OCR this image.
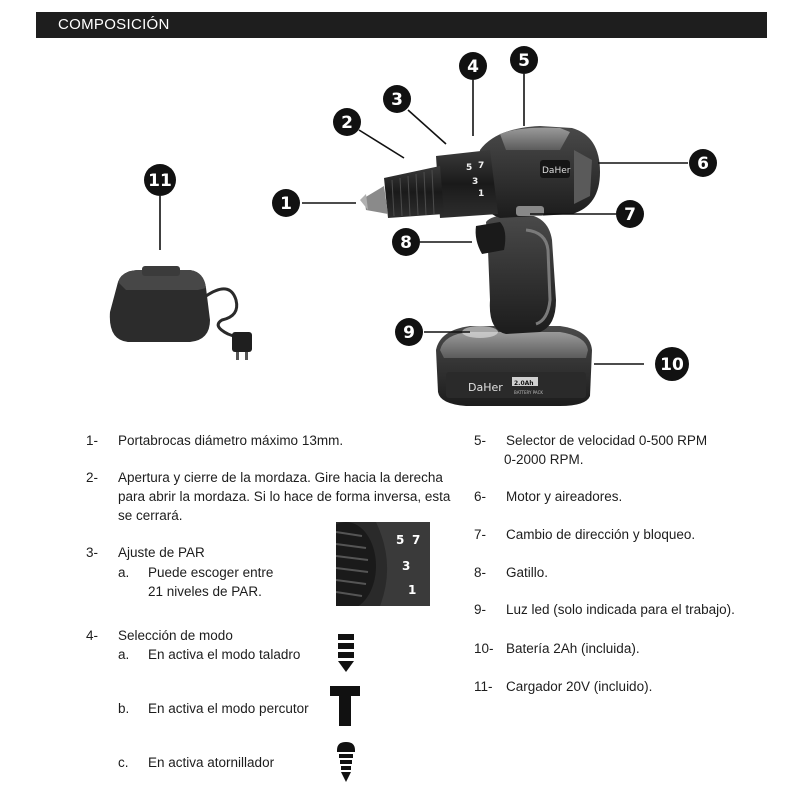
COMPOSICIÓN
DaHer 2.0Ah
BATTERY PACK
DaHer
5 7
3
1
1
2
3
4 5
6
7
8
9
10
11
1- Portabrocas diámetro máximo 13mm.
2- Apertura y cierre de la mordaza. Gire hacia la derecha
para abrir la mordaza. Si lo hace de forma inversa, esta
se cerrará.
3- Ajuste de PAR
a. Puede escoger entre
21 niveles de PAR.
4- Selección de modo
a. En activa el modo taladro
b. En activa el modo percutor
c. En activa atornillador
5 7
3
1
5- Selector de velocidad 0-500 RPM
0-2000 RPM.
6- Motor y aireadores.
7- Cambio de dirección y bloqueo.
8- Gatillo.
9- Luz led (solo indicada para el trabajo).
10- Batería 2Ah (incluida).
11- Cargador 20V (incluido).
